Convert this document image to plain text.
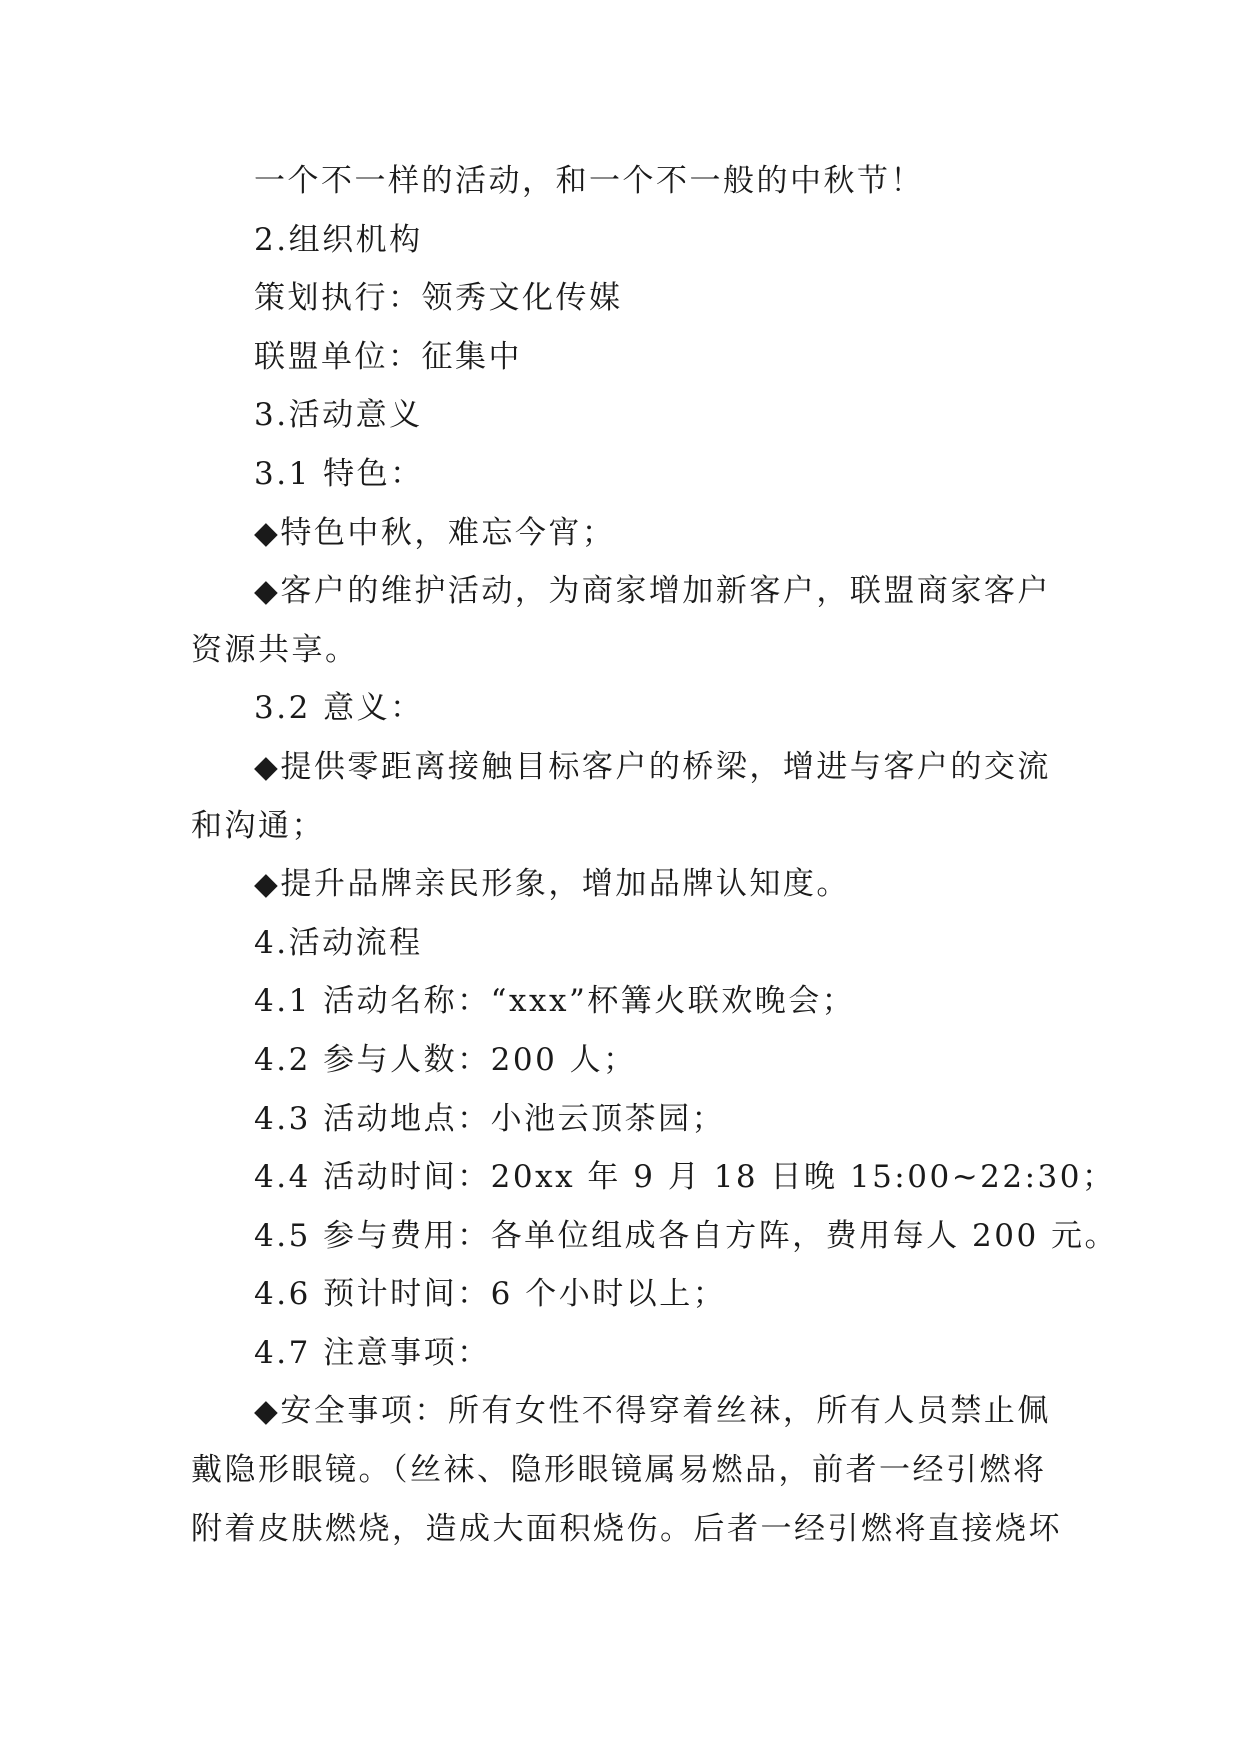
一个不一样的活动，和一个不一般的中秋节！
2.组织机构
策划执行：领秀文化传媒
联盟单位：征集中
3.活动意义
3.1 特色：
◆特色中秋，难忘今宵；
◆客户的维护活动，为商家增加新客户，联盟商家客户
资源共享。
3.2 意义：
◆提供零距离接触目标客户的桥梁，增进与客户的交流
和沟通；
◆提升品牌亲民形象，增加品牌认知度。
4.活动流程
4.1 活动名称：“xxx”杯篝火联欢晚会；
4.2 参与人数：200 人；
4.3 活动地点：小池云顶茶园；
4.4 活动时间：20xx 年 9 月 18 日晚 15:00~22:30；
4.5 参与费用：各单位组成各自方阵，费用每人 200 元。
4.6 预计时间：6 个小时以上；
4.7 注意事项：
◆安全事项：所有女性不得穿着丝袜，所有人员禁止佩
戴隐形眼镜。（丝袜、隐形眼镜属易燃品，前者一经引燃将
附着皮肤燃烧，造成大面积烧伤。后者一经引燃将直接烧坏
